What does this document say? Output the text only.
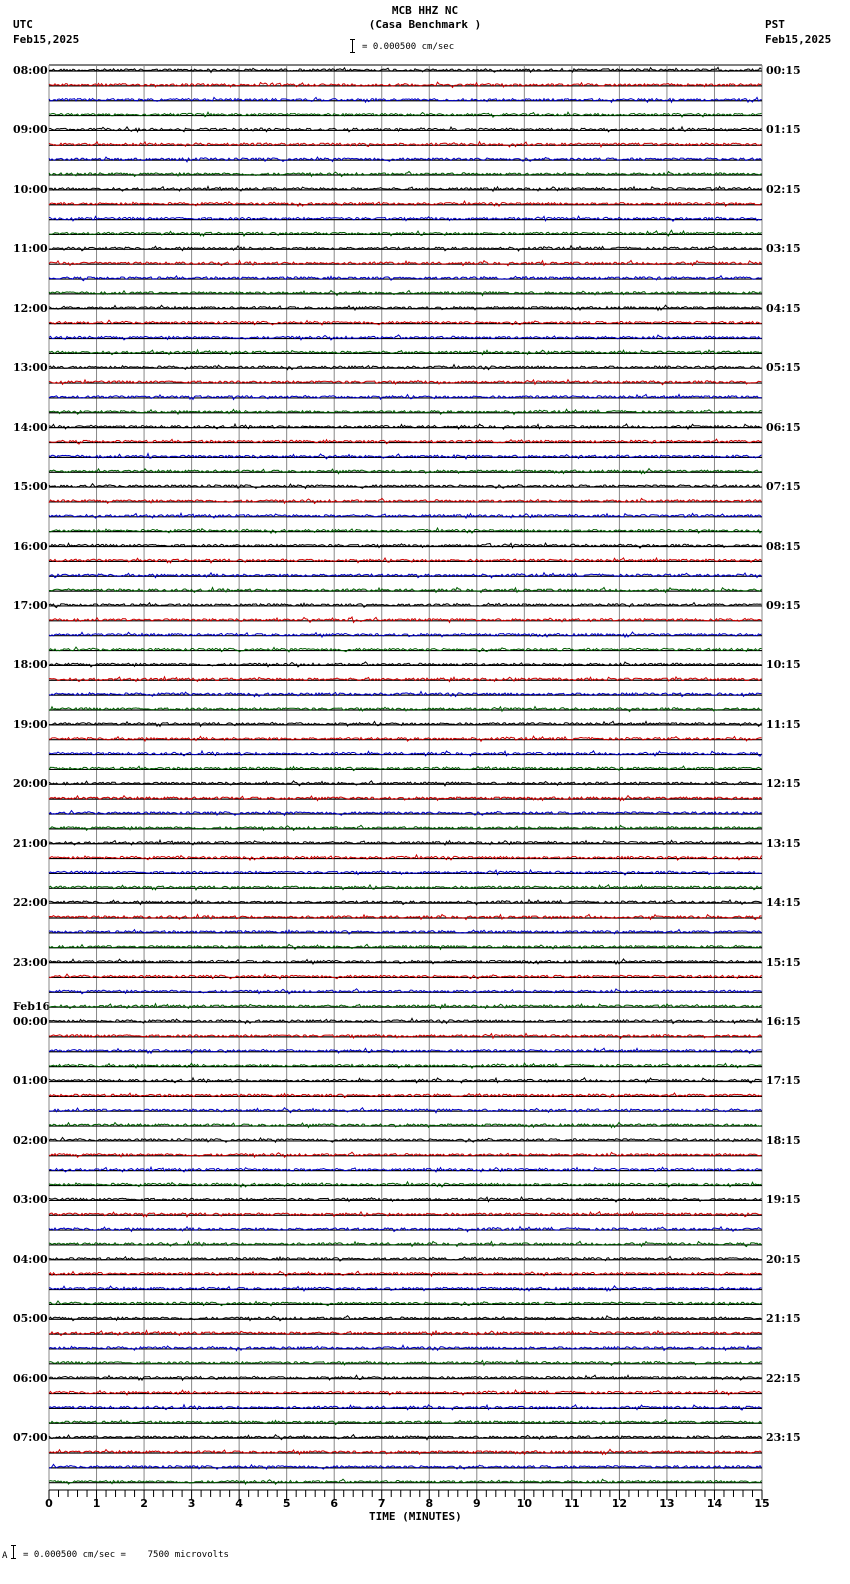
MCB HHZ NC
(Casa Benchmark )
UTC
Feb15,2025
PST
Feb15,2025
= 0.000500 cm/sec
08:00
09:00
10:00
11:00
12:00
13:00
14:00
15:00
16:00
17:00
18:00
19:00
20:00
21:00
22:00
23:00
Feb16
00:00
01:00
02:00
03:00
04:00
05:00
06:00
07:00
00:15
01:15
02:15
03:15
04:15
05:15
06:15
07:15
08:15
09:15
10:15
11:15
12:15
13:15
14:15
15:15
16:15
17:15
18:15
19:15
20:15
21:15
22:15
23:15
0	1	2	3	4	5	6	7	8	9	10	11	12	13	14	15
TIME (MINUTES)
A = 0.000500 cm/sec =    7500 microvolts
